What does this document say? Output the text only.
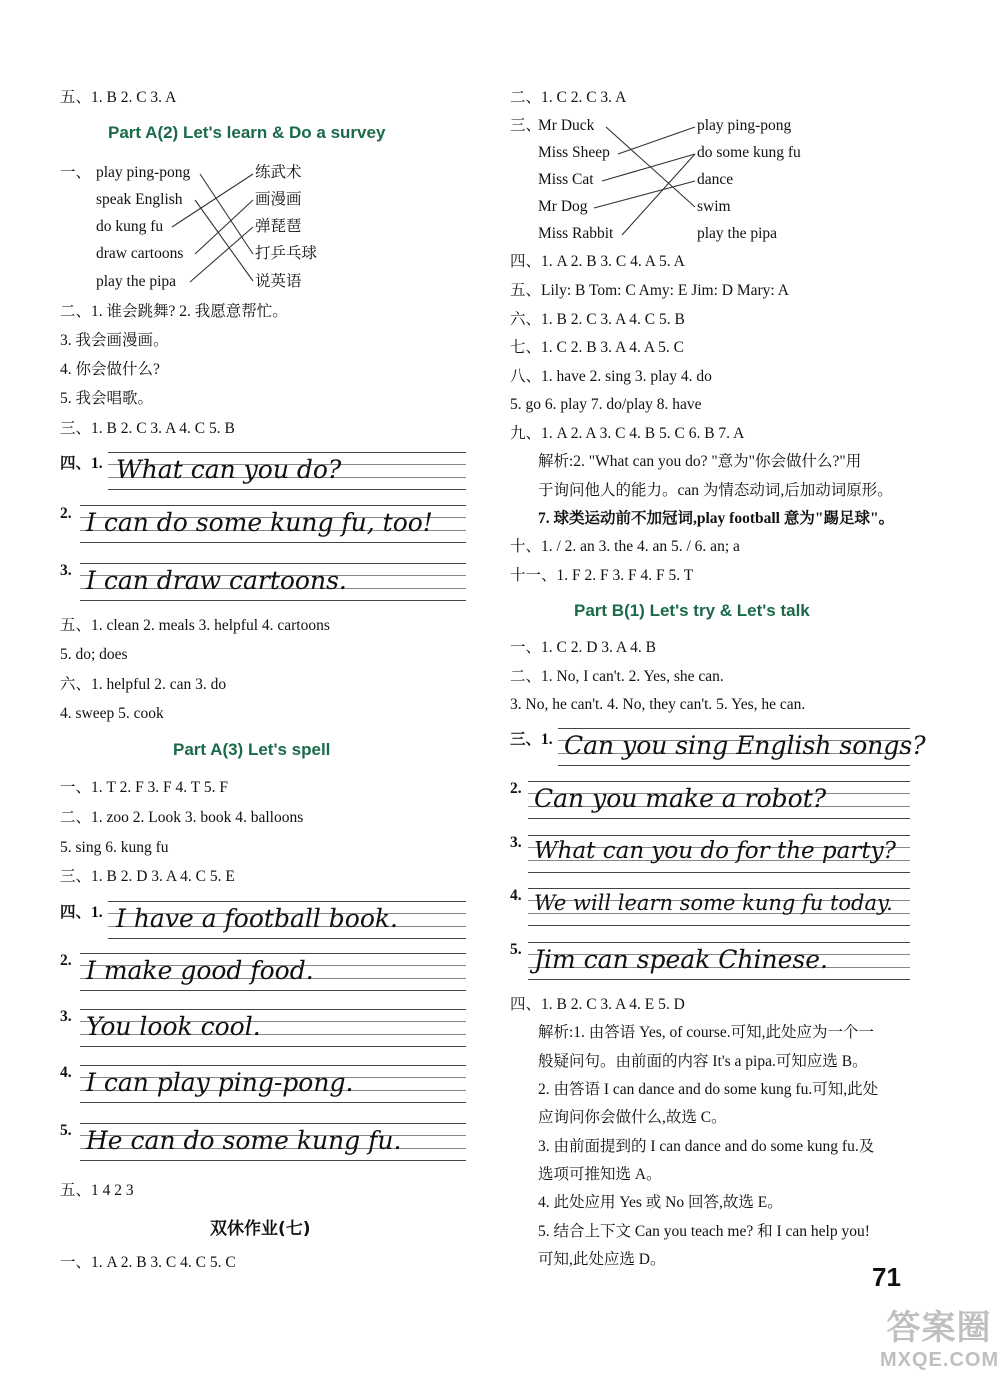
五、1. B 2. C 3. A
Part A(2) Let's learn & Do a survey
一、 play ping-pong
speak English
do kung fu
draw cartoons
play the pipa
练武术
画漫画
弹琵琶
打乒乓球
说英语
二、1. 谁会跳舞? 2. 我愿意帮忙。
3. 我会画漫画。
4. 你会做什么?
5. 我会唱歌。
三、1. B 2. C 3. A 4. C 5. B
四、1. What can you do?
2. I can do some kung fu, too!
3. I can draw cartoons.
五、1. clean 2. meals 3. helpful 4. cartoons
5. do; does
六、1. helpful 2. can 3. do
4. sweep 5. cook
Part A(3) Let's spell
一、1. T 2. F 3. F 4. T 5. F
二、1. zoo 2. Look 3. book 4. balloons
5. sing 6. kung fu
三、1. B 2. D 3. A 4. C 5. E
四、1. I have a football book.
2. I make good food.
3. You look cool.
4. I can play ping-pong.
5. He can do some kung fu.
五、1 4 2 3
双休作业(七)
一、1. A 2. B 3. C 4. C 5. C
二、1. C 2. C 3. A
三、
Mr Duck
Miss Sheep
Miss Cat
Mr Dog
Miss Rabbit
play ping-pong
do some kung fu
dance
swim
play the pipa
四、1. A 2. B 3. C 4. A 5. A
五、Lily: B Tom: C Amy: E Jim: D Mary: A
六、1. B 2. C 3. A 4. C 5. B
七、1. C 2. B 3. A 4. A 5. C
八、1. have 2. sing 3. play 4. do
5. go 6. play 7. do/play 8. have
九、1. A 2. A 3. C 4. B 5. C 6. B 7. A
解析:2. "What can you do? "意为"你会做什么?"用
于询问他人的能力。can 为情态动词,后加动词原形。
7. 球类运动前不加冠词,play football 意为"踢足球"。
十、1. / 2. an 3. the 4. an 5. / 6. an; a
十一、1. F 2. F 3. F 4. F 5. T
Part B(1) Let's try & Let's talk
一、1. C 2. D 3. A 4. B
二、1. No, I can't. 2. Yes, she can.
3. No, he can't. 4. No, they can't. 5. Yes, he can.
三、1. Can you sing English songs?
2. Can you make a robot?
3. What can you do for the party?
4. We will learn some kung fu today.
5. Jim can speak Chinese.
四、1. B 2. C 3. A 4. E 5. D
解析:1. 由答语 Yes, of course.可知,此处应为一个一
般疑问句。由前面的内容 It's a pipa.可知应选 B。
2. 由答语 I can dance and do some kung fu.可知,此处
应询问你会做什么,故选 C。
3. 由前面提到的 I can dance and do some kung fu.及
选项可推知选 A。
4. 此处应用 Yes 或 No 回答,故选 E。
5. 结合上下文 Can you teach me? 和 I can help you!
可知,此处应选 D。
71
答案圈
MXQE.COM
